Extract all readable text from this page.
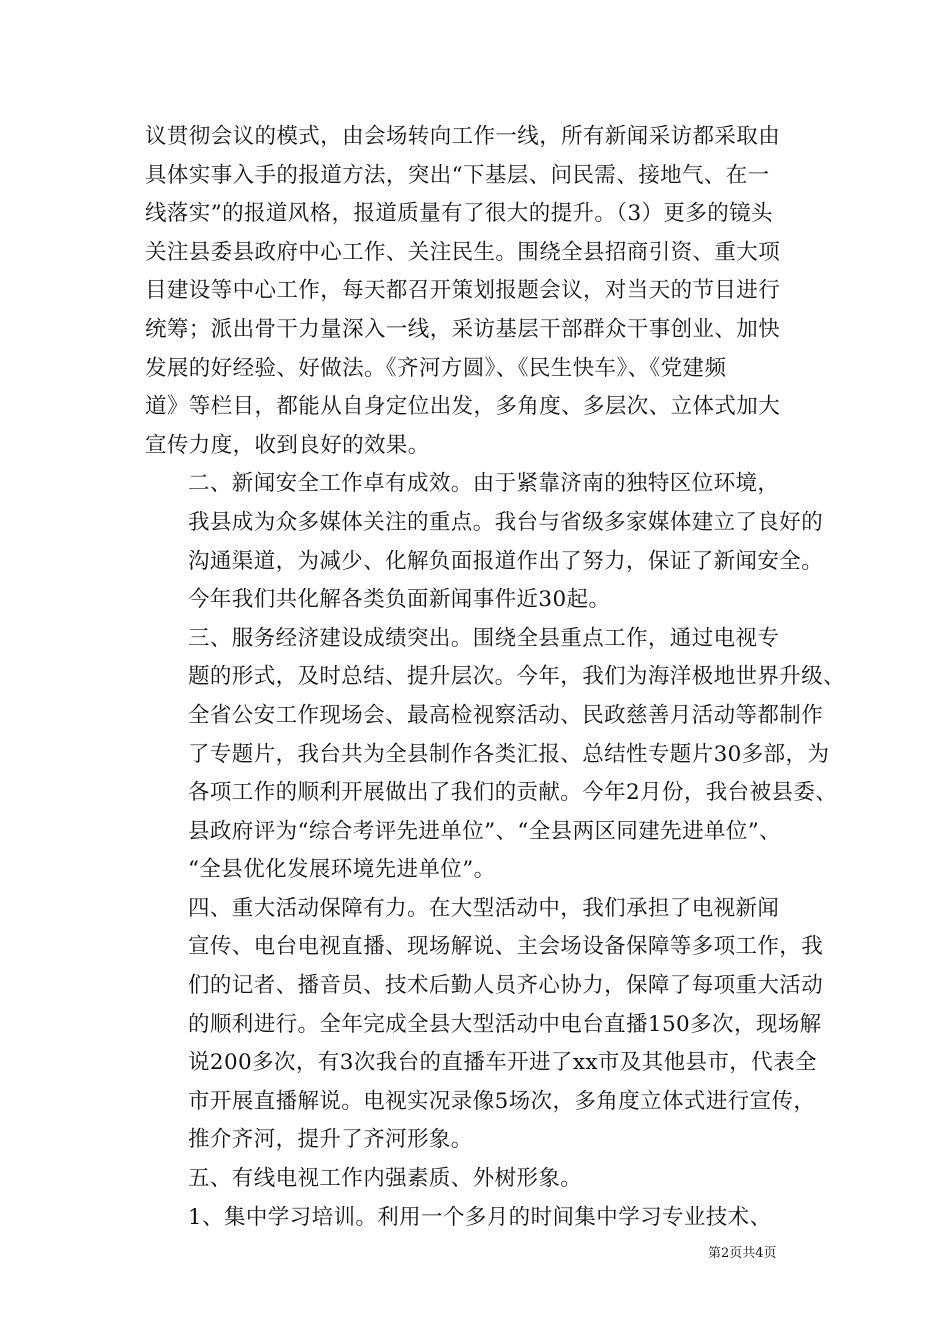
议贯彻会议的模式，由会场转向工作一线，所有新闻采访都采取由
具体实事入手的报道方法，突出“下基层、问民需、接地气、在一
线落实”的报道风格，报道质量有了很大的提升。（3）更多的镜头
关注县委县政府中心工作、关注民生。围绕全县招商引资、重大项
目建设等中心工作，每天都召开策划报题会议，对当天的节目进行
统筹；派出骨干力量深入一线，采访基层干部群众干事创业、加快
发展的好经验、好做法。《齐河方圆》、《民生快车》、《党建频
道》等栏目，都能从自身定位出发，多角度、多层次、立体式加大
宣传力度，收到良好的效果。

二、新闻安全工作卓有成效。由于紧靠济南的独特区位环境，
我县成为众多媒体关注的重点。我台与省级多家媒体建立了良好的
沟通渠道，为减少、化解负面报道作出了努力，保证了新闻安全。
今年我们共化解各类负面新闻事件近30起。

三、服务经济建设成绩突出。围绕全县重点工作，通过电视专
题的形式，及时总结、提升层次。今年，我们为海洋极地世界升级、
全省公安工作现场会、最高检视察活动、民政慈善月活动等都制作
了专题片，我台共为全县制作各类汇报、总结性专题片30多部，为
各项工作的顺利开展做出了我们的贡献。今年2月份，我台被县委、
县政府评为“综合考评先进单位”、“全县两区同建先进单位”、
“全县优化发展环境先进单位”。

四、重大活动保障有力。在大型活动中，我们承担了电视新闻
宣传、电台电视直播、现场解说、主会场设备保障等多项工作，我
们的记者、播音员、技术后勤人员齐心协力，保障了每项重大活动
的顺利进行。全年完成全县大型活动中电台直播150多次，现场解
说200多次，有3次我台的直播车开进了xx市及其他县市，代表全
市开展直播解说。电视实况录像5场次，多角度立体式进行宣传，
推介齐河，提升了齐河形象。

五、有线电视工作内强素质、外树形象。

1、集中学习培训。利用一个多月的时间集中学习专业技术、

第2页共4页
